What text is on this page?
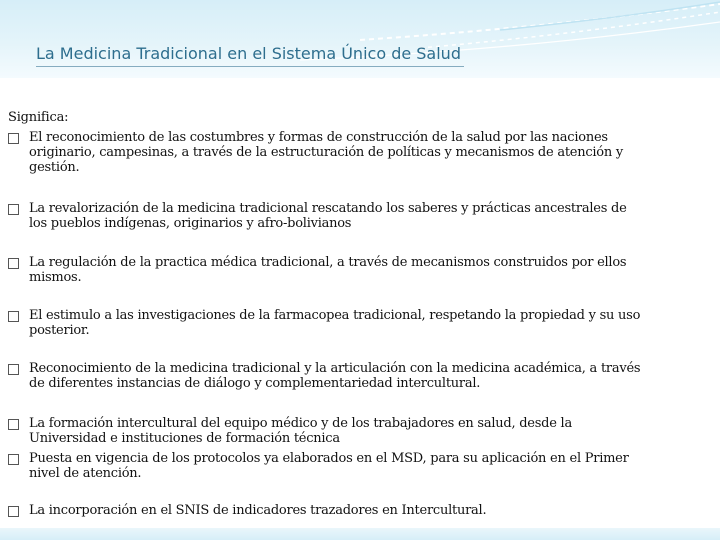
La Medicina Tradicional en el Sistema Único de Salud
Significa:
El reconocimiento de las costumbres y formas de construcción de la salud por las naciones originario, campesinas, a través de la estructuración de políticas y mecanismos de atención y gestión.
La revalorización de la medicina tradicional rescatando los saberes y prácticas ancestrales de los pueblos indígenas, originarios y afro-bolivianos
La regulación de la practica médica tradicional, a través de mecanismos construidos por ellos mismos.
El estimulo a las investigaciones de la farmacopea tradicional, respetando la propiedad y su uso posterior.
Reconocimiento de la medicina tradicional y la articulación con la medicina académica, a través de diferentes instancias de diálogo y complementariedad intercultural.
La formación intercultural del equipo médico y de los trabajadores en salud, desde la Universidad e instituciones de formación técnica
Puesta en vigencia de los protocolos ya elaborados en el MSD, para su aplicación en el Primer nivel de atención.
La incorporación en el SNIS de indicadores trazadores en Intercultural.
